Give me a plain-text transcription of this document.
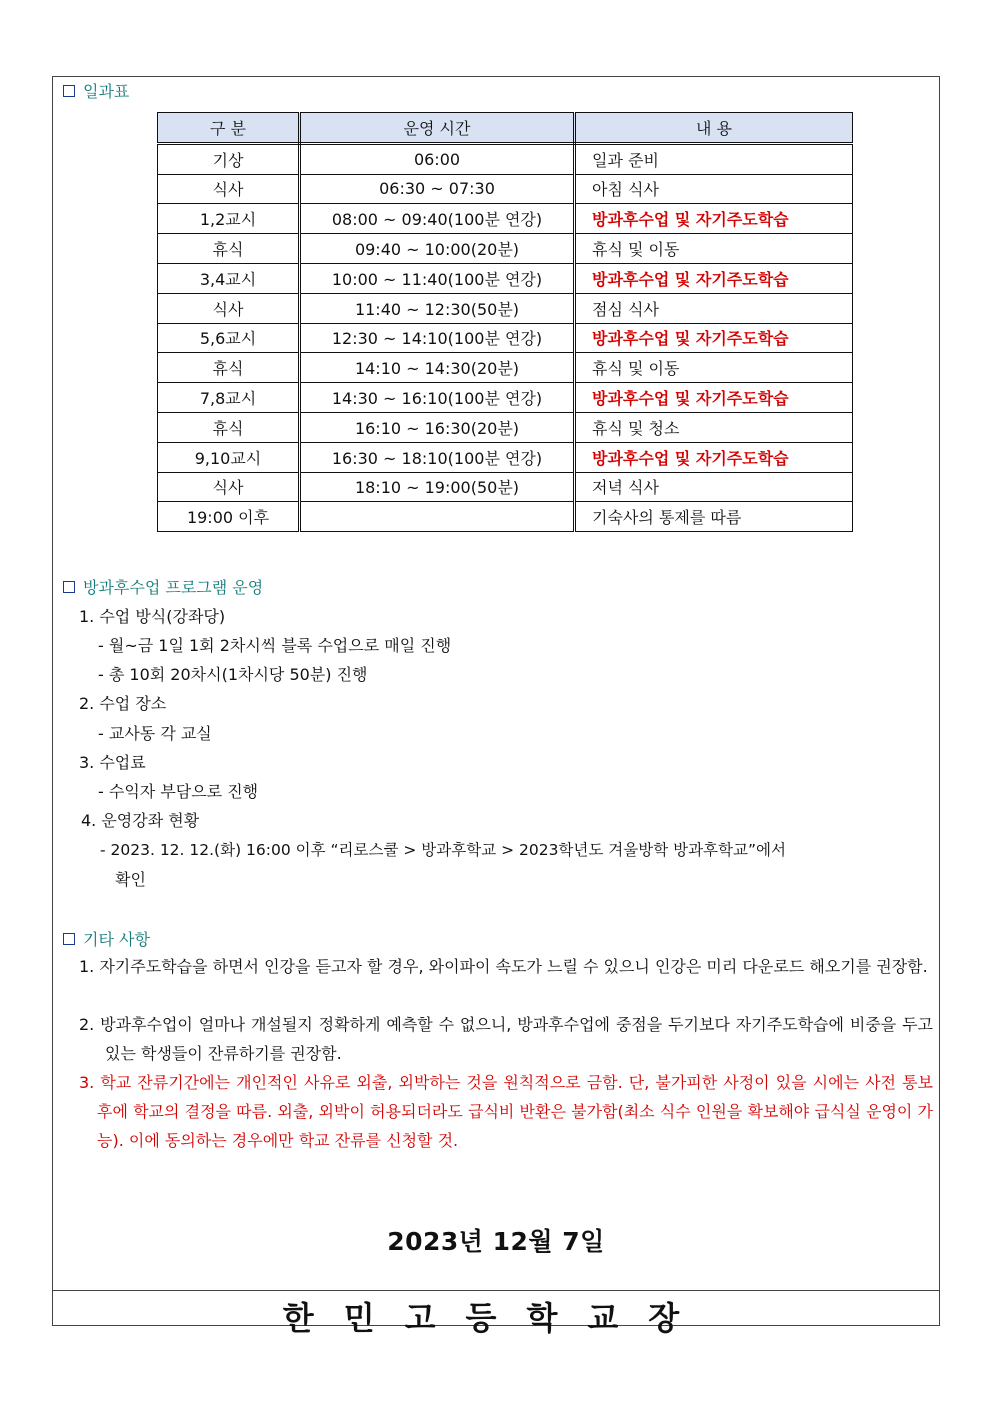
일과표
구 분	운영 시간	내 용
기상	06:00	일과 준비
식사	06:30 ~ 07:30	아침 식사
1,2교시	08:00 ~ 09:40(100분 연강)	방과후수업 및 자기주도학습
휴식	09:40 ~ 10:00(20분)	휴식 및 이동
3,4교시	10:00 ~ 11:40(100분 연강)	방과후수업 및 자기주도학습
식사	11:40 ~ 12:30(50분)	점심 식사
5,6교시	12:30 ~ 14:10(100분 연강)	방과후수업 및 자기주도학습
휴식	14:10 ~ 14:30(20분)	휴식 및 이동
7,8교시	14:30 ~ 16:10(100분 연강)	방과후수업 및 자기주도학습
휴식	16:10 ~ 16:30(20분)	휴식 및 청소
9,10교시	16:30 ~ 18:10(100분 연강)	방과후수업 및 자기주도학습
식사	18:10 ~ 19:00(50분)	저녁 식사
19:00 이후		기숙사의 통제를 따름
방과후수업 프로그램 운영
1. 수업 방식(강좌당)
- 월~금 1일 1회 2차시씩 블록 수업으로 매일 진행
- 총 10회 20차시(1차시당 50분) 진행
2. 수업 장소
- 교사동 각 교실
3. 수업료
- 수익자 부담으로 진행
4. 운영강좌 현황
- 2023. 12. 12.(화) 16:00 이후 “리로스쿨 > 방과후학교 > 2023학년도 겨울방학 방과후학교”에서
확인
기타 사항
1. 자기주도학습을 하면서 인강을 듣고자 할 경우, 와이파이 속도가 느릴 수 있으니 인강은 미리 다운로드 해오기를 권장함.
2. 방과후수업이 얼마나 개설될지 정확하게 예측할 수 없으니, 방과후수업에 중점을 두기보다 자기주도학습에 비중을 두고 있는 학생들이 잔류하기를 권장함.
3. 학교 잔류기간에는 개인적인 사유로 외출, 외박하는 것을 원칙적으로 금함. 단, 불가피한 사정이 있을 시에는 사전 통보 후에 학교의 결정을 따름. 외출, 외박이 허용되더라도 급식비 반환은 불가함(최소 식수 인원을 확보해야 급식실 운영이 가능). 이에 동의하는 경우에만 학교 잔류를 신청할 것.
2023년 12월 7일
한민고등학교장
